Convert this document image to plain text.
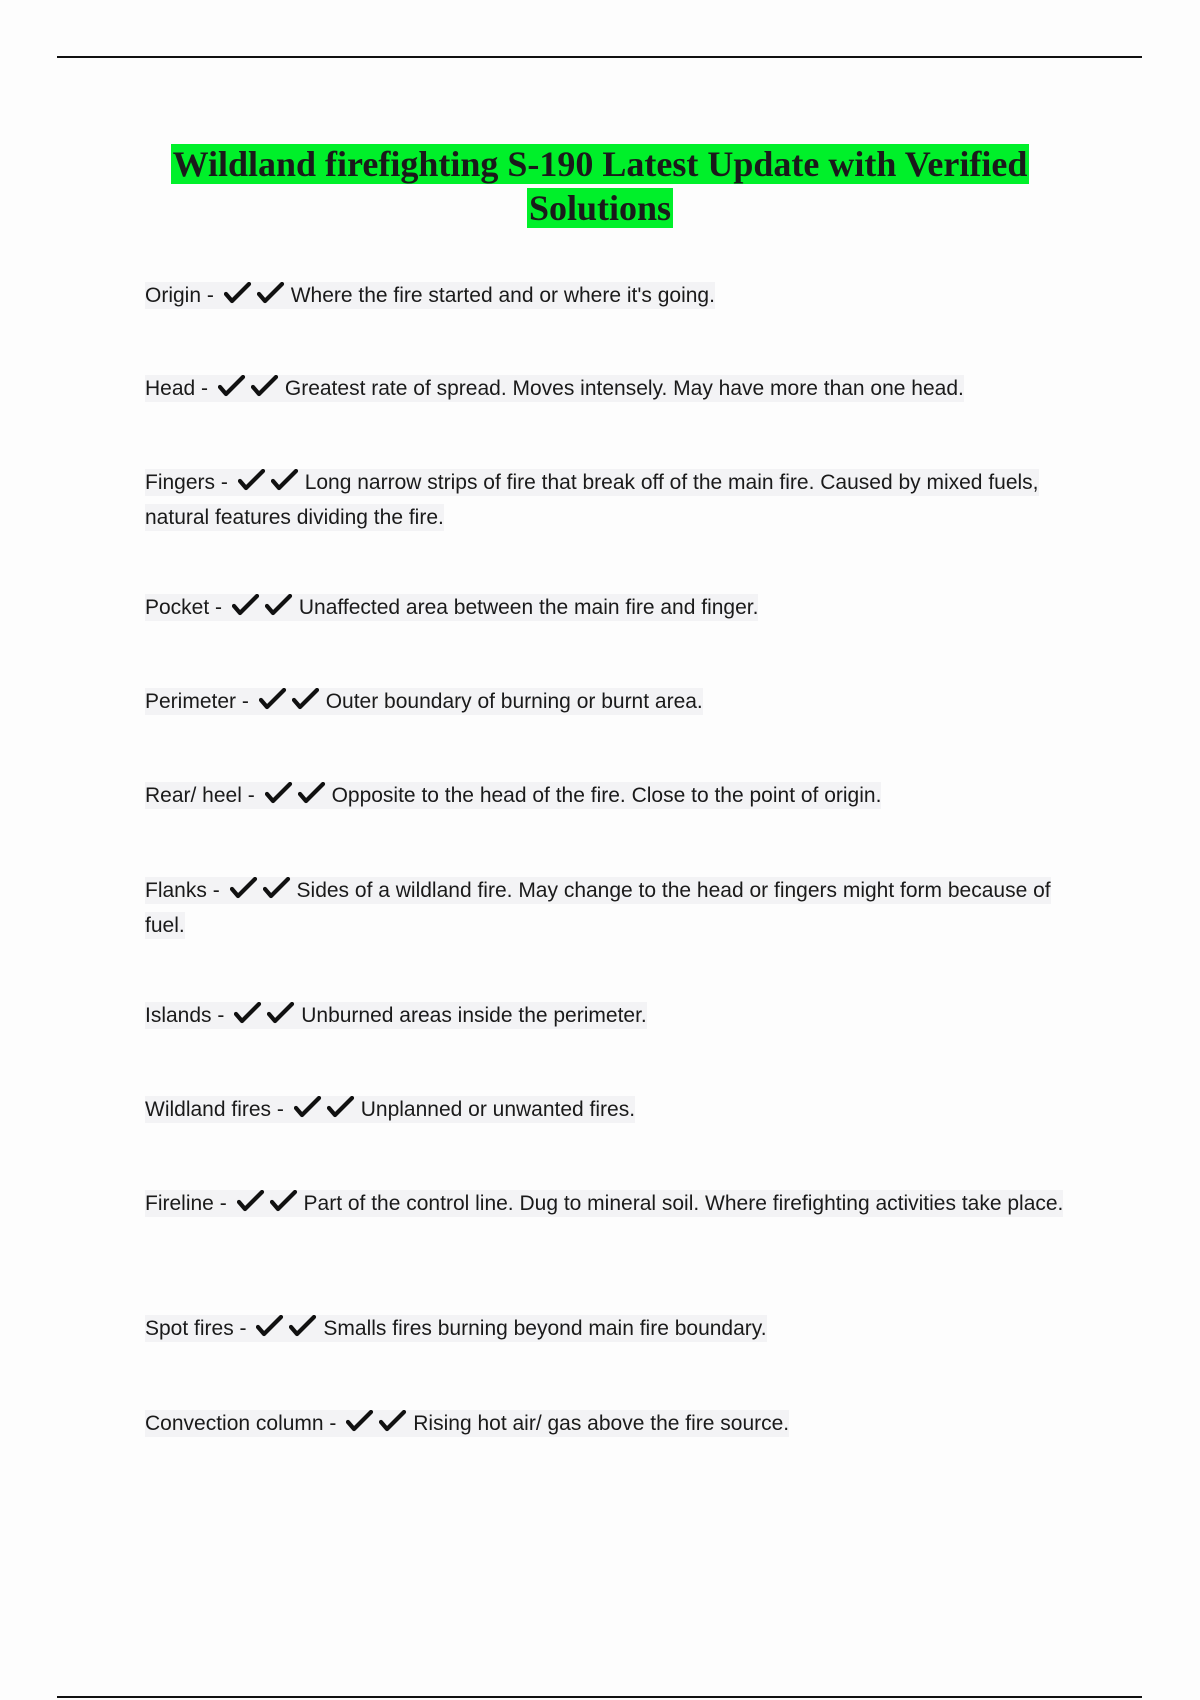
Wildland firefighting S-190 Latest Update with Verified Solutions
Origin -	Where the fire started and or where it's going.
Head -	Greatest rate of spread. Moves intensely. May have more than one head.
Fingers -	Long narrow strips of fire that break off of the main fire. Caused by mixed fuels, natural features dividing the fire.
Pocket -	Unaffected area between the main fire and finger.
Perimeter -	Outer boundary of burning or burnt area.
Rear/ heel -	Opposite to the head of the fire. Close to the point of origin.
Flanks -	Sides of a wildland fire. May change to the head or fingers might form because of fuel.
Islands -	Unburned areas inside the perimeter.
Wildland fires -	Unplanned or unwanted fires.
Fireline -	Part of the control line. Dug to mineral soil. Where firefighting activities take place.
Spot fires -	Smalls fires burning beyond main fire boundary.
Convection column -	Rising hot air/ gas above the fire source.
